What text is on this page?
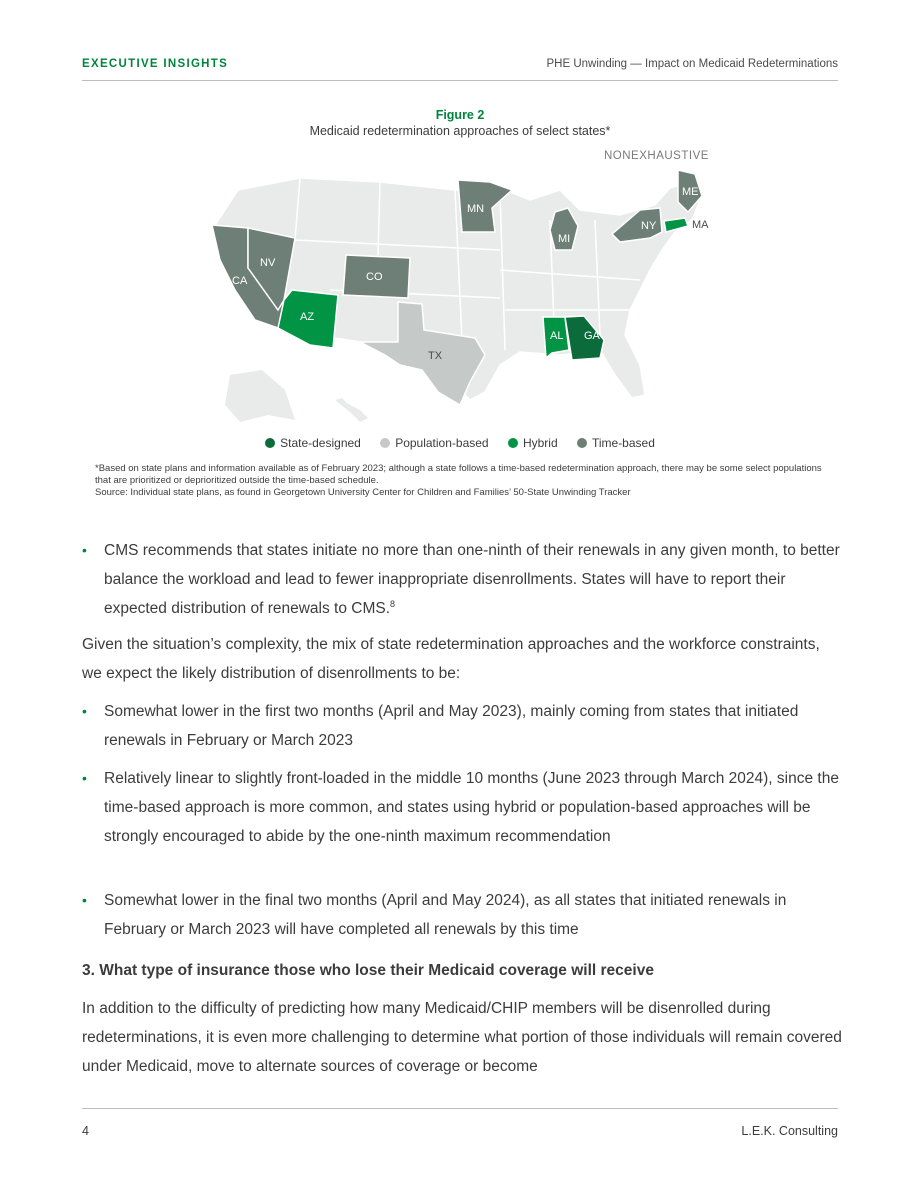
EXECUTIVE INSIGHTS	PHE Unwinding — Impact on Medicaid Redeterminations
Figure 2
Medicaid redetermination approaches of select states*
NONEXHAUSTIVE
CA
NV
AZ
CO
TX
MN
MI
AL GA
NY
ME
MA
State-designed	Population-based	Hybrid	Time-based

*Based on state plans and information available as of February 2023; although a state follows a time-based redetermination approach, there may be some select populations that are prioritized or deprioritized outside the time-based schedule.

Source: Individual state plans, as found in Georgetown University Center for Children and Families’ 50-State Unwinding Tracker

• CMS recommends that states initiate no more than one-ninth of their renewals in any given month, to better balance the workload and lead to fewer inappropriate disenrollments. States will have to report their expected distribution of renewals to CMS.$^8$
Given the situation’s complexity, the mix of state redetermination approaches and the workforce constraints, we expect the likely distribution of disenrollments to be:
• Somewhat lower in the first two months (April and May 2023), mainly coming from states that initiated renewals in February or March 2023
• Relatively linear to slightly front-loaded in the middle 10 months (June 2023 through March 2024), since the time-based approach is more common, and states using hybrid or population-based approaches will be strongly encouraged to abide by the one-ninth maximum recommendation
• Somewhat lower in the final two months (April and May 2024), as all states that initiated renewals in February or March 2023 will have completed all renewals by this time
3. What type of insurance those who lose their Medicaid coverage will receive
In addition to the difficulty of predicting how many Medicaid/CHIP members will be disenrolled during redeterminations, it is even more challenging to determine what portion of those individuals will remain covered under Medicaid, move to alternate sources of coverage or become
4	L.E.K. Consulting
